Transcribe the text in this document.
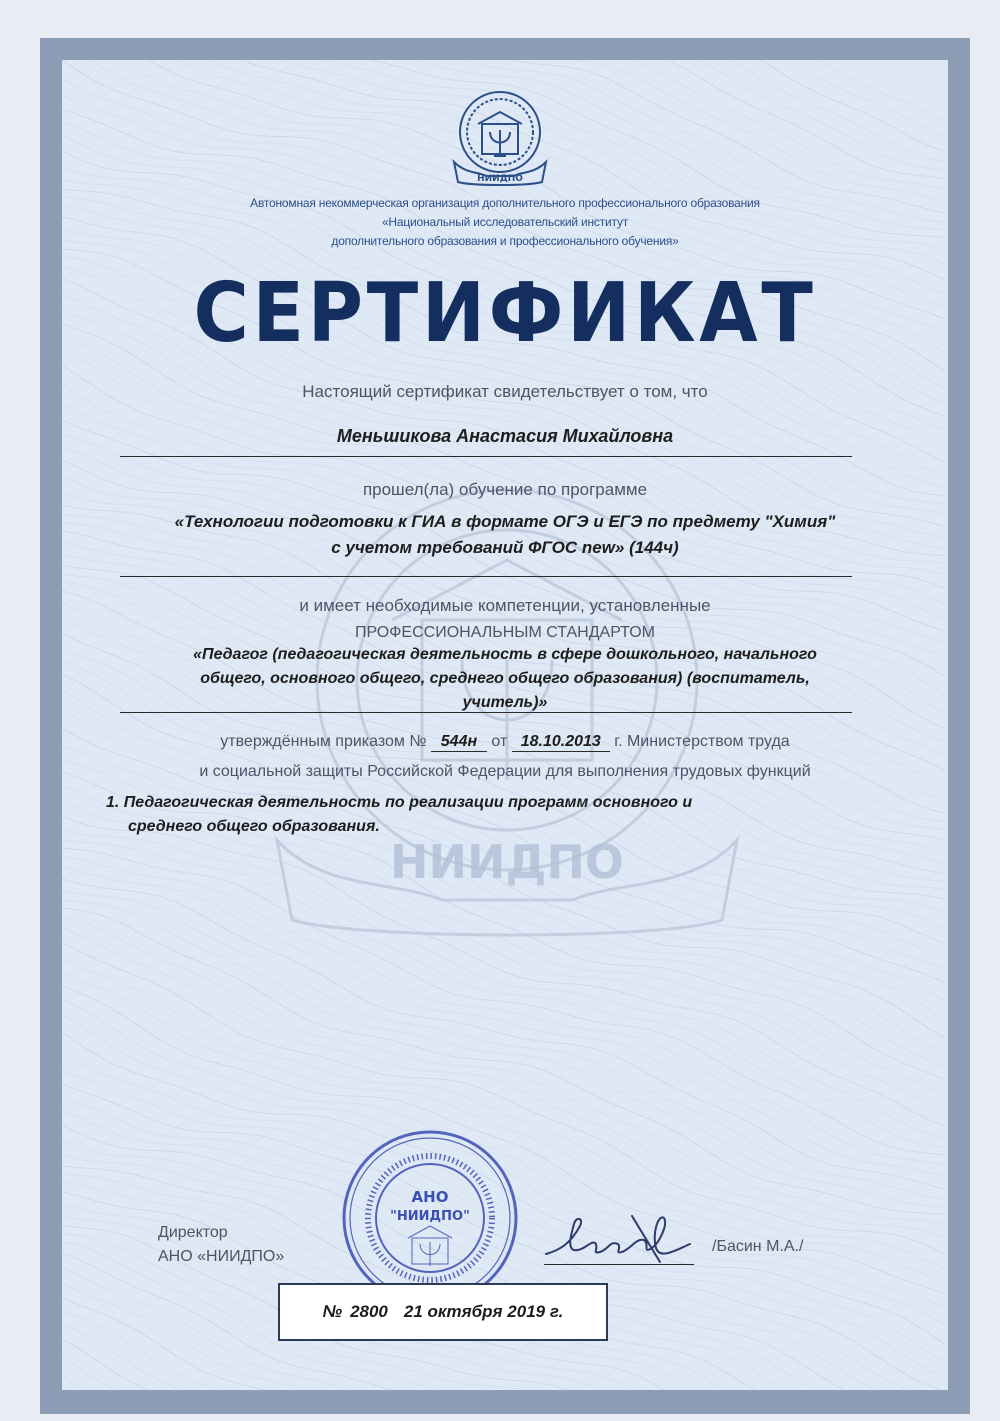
НИИДПО
НИИДПО
Автономная некоммерческая организация дополнительного профессионального образования
«Национальный исследовательский институт
дополнительного образования и профессионального обучения»
СЕРТИФИКАТ
Настоящий сертификат свидетельствует о том, что
Меньшикова Анастасия Михайловна
прошел(ла) обучение по программе
«Технологии подготовки к ГИА в формате ОГЭ и ЕГЭ по предмету "Химия"
с учетом требований ФГОС new» (144ч)
и имеет необходимые компетенции, установленные
ПРОФЕССИОНАЛЬНЫМ СТАНДАРТОМ
«Педагог (педагогическая деятельность в сфере дошкольного, начального
общего, основного общего, среднего общего образования) (воспитатель,
учитель)»
утверждённым приказом № 544н от 18.10.2013 г. Министерством труда
и социальной защиты Российской Федерации для выполнения трудовых функций
1. Педагогическая деятельность по реализации программ основного и
среднего общего образования.
Директор
АНО «НИИДПО»
АНО
"НИИДПО"
/Басин М.А./
№ 2800 21 октября 2019 г.
